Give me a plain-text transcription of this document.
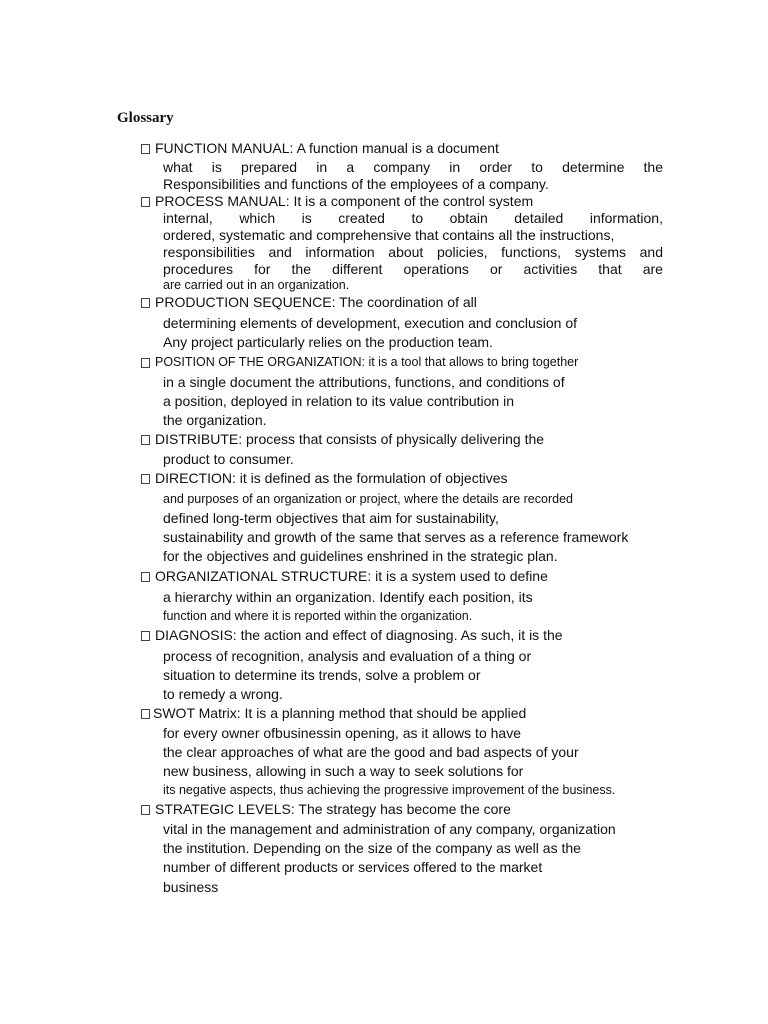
Glossary
FUNCTION MANUAL: A function manual is a document
what is prepared in a company in order to determine the
Responsibilities and functions of the employees of a company.
PROCESS MANUAL: It is a component of the control system
internal, which is created to obtain detailed information,
ordered, systematic and comprehensive that contains all the instructions,
responsibilities and information about policies, functions, systems and
procedures for the different operations or activities that are
are carried out in an organization.
PRODUCTION SEQUENCE: The coordination of all
determining elements of development, execution and conclusion of
Any project particularly relies on the production team.
POSITION OF THE ORGANIZATION: it is a tool that allows to bring together
in a single document the attributions, functions, and conditions of
a position, deployed in relation to its value contribution in
the organization.
DISTRIBUTE: process that consists of physically delivering the
product to consumer.
DIRECTION: it is defined as the formulation of objectives
and purposes of an organization or project, where the details are recorded
defined long-term objectives that aim for sustainability,
sustainability and growth of the same that serves as a reference framework
for the objectives and guidelines enshrined in the strategic plan.
ORGANIZATIONAL STRUCTURE: it is a system used to define
a hierarchy within an organization. Identify each position, its
function and where it is reported within the organization.
DIAGNOSIS: the action and effect of diagnosing. As such, it is the
process of recognition, analysis and evaluation of a thing or
situation to determine its trends, solve a problem or
to remedy a wrong.
SWOT Matrix: It is a planning method that should be applied
for every owner ofbusinessin opening, as it allows to have
the clear approaches of what are the good and bad aspects of your
new business, allowing in such a way to seek solutions for
its negative aspects, thus achieving the progressive improvement of the business.
STRATEGIC LEVELS: The strategy has become the core
vital in the management and administration of any company, organization
the institution. Depending on the size of the company as well as the
number of different products or services offered to the market
business
